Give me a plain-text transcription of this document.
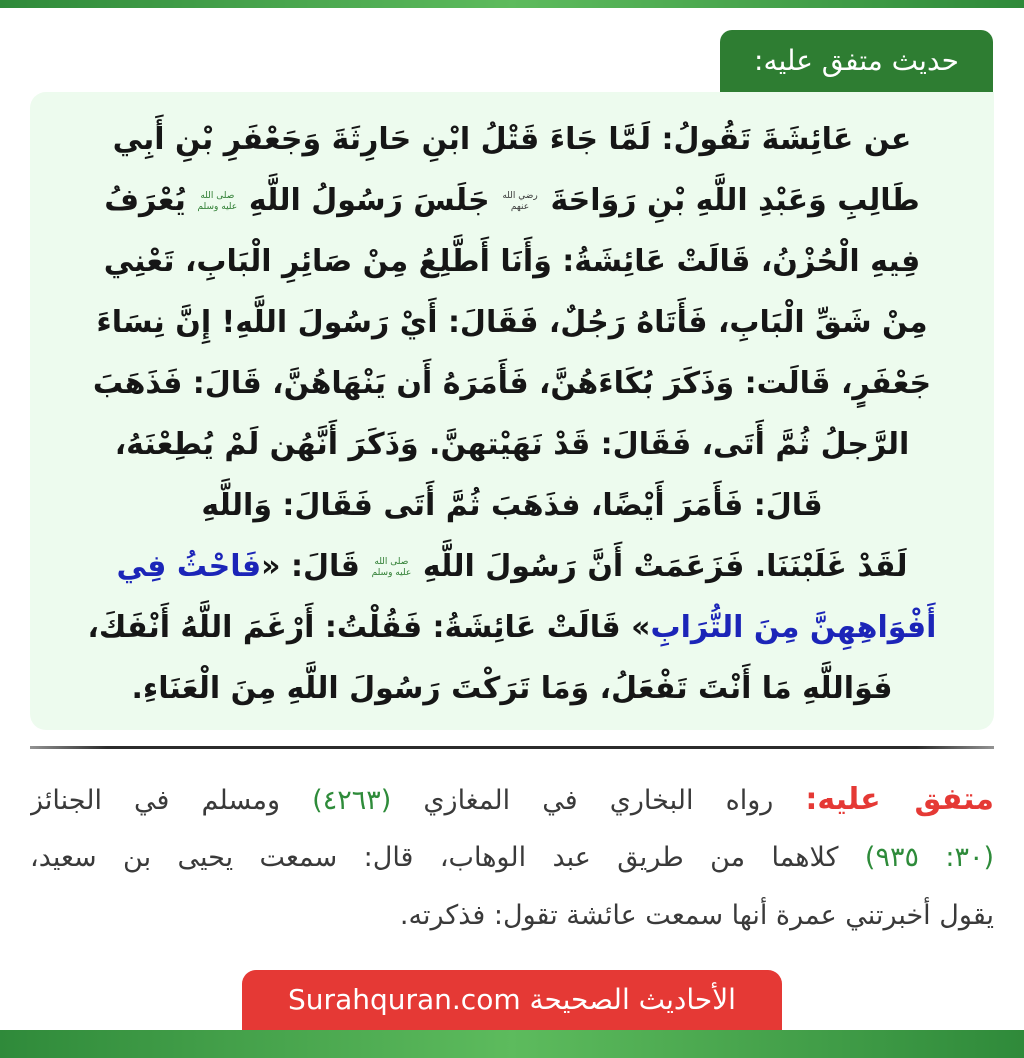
حديث متفق عليه:
عن عَائِشَةَ تَقُولُ: لَمَّا جَاءَ قَتْلُ ابْنِ حَارِثَةَ وَجَعْفَرِ بْنِ أَبِي
طَالِبِ وَعَبْدِ اللَّهِ بْنِ رَوَاحَةَ رضي الله عنهم جَلَسَ رَسُولُ اللَّهِ صلى الله عليه وسلم يُعْرَفُ
فِيهِ الْحُزْنُ، قَالَتْ عَائِشَةُ: وَأَنَا أَطَّلِعُ مِنْ صَائِرِ الْبَابِ، تَعْنِي
مِنْ شَقِّ الْبَابِ، فَأَتَاهُ رَجُلٌ، فَقَالَ: أَيْ رَسُولَ اللَّهِ! إِنَّ نِسَاءَ
جَعْفَرٍ، قَالَت: وَذَكَرَ بُكَاءَهُنَّ، فَأَمَرَهُ أَن يَنْهَاهُنَّ، قَالَ: فَذَهَبَ
الرَّجلُ ثُمَّ أَتَى، فَقَالَ: قَدْ نَهَيْتهنَّ. وَذَكَرَ أَنَّهُن لَمْ يُطِعْنَهُ،
قَالَ: فَأَمَرَ أَيْضًا، فذَهَبَ ثُمَّ أَتَى فَقَالَ: وَاللَّهِ
لَقَدْ غَلَبْنَنَا. فَزَعَمَتْ أَنَّ رَسُولَ اللَّهِ صلى الله عليه وسلم قَالَ: «فَاحْثُ فِي
أَفْوَاهِهِنَّ مِنَ التُّرَابِ» قَالَتْ عَائِشَةُ: فَقُلْتُ: أَرْغَمَ اللَّهُ أَنْفَكَ،
فَوَاللَّهِ مَا أَنْتَ تَفْعَلُ، وَمَا تَرَكْتَ رَسُولَ اللَّهِ مِنَ الْعَنَاءِ.
متفق عليه: رواه البخاري في المغازي (٤٢٦٣) ومسلم في الجنائز
(٣٠: ٩٣٥) كلاهما من طريق عبد الوهاب، قال: سمعت يحيى بن سعيد،
يقول أخبرتني عمرة أنها سمعت عائشة تقول: فذكرته.
الأحاديث الصحيحة Surahquran.com
